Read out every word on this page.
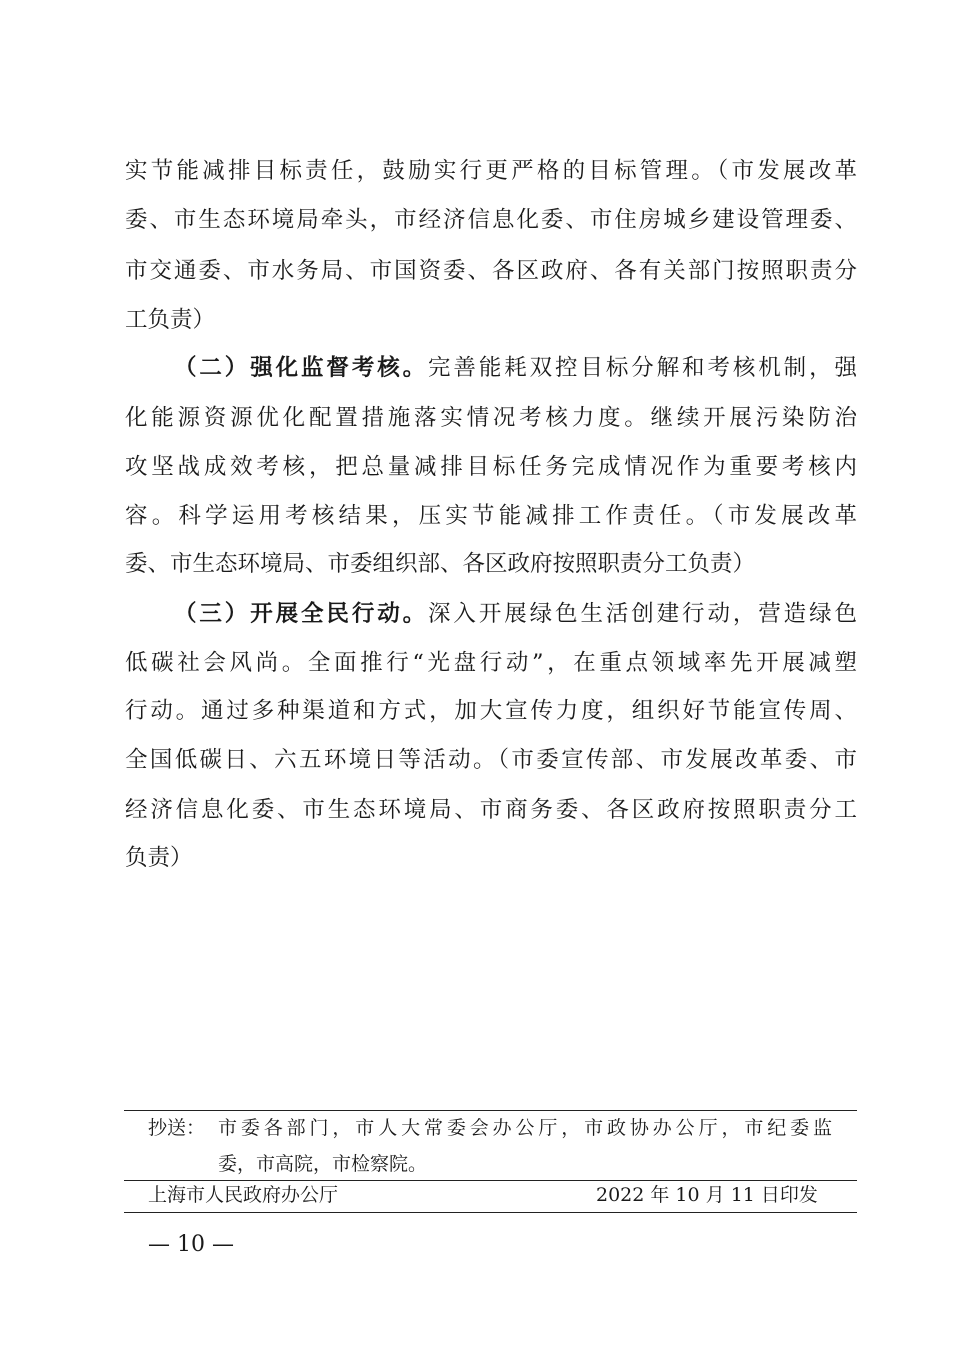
实节能减排目标责任，鼓励实行更严格的目标管理。（市发展改革
委、市生态环境局牵头，市经济信息化委、市住房城乡建设管理委、
市交通委、市水务局、市国资委、各区政府、各有关部门按照职责分
工负责）
（二）强化监督考核。完善能耗双控目标分解和考核机制，强
化能源资源优化配置措施落实情况考核力度。继续开展污染防治
攻坚战成效考核，把总量减排目标任务完成情况作为重要考核内
容。科学运用考核结果，压实节能减排工作责任。（市发展改革
委、市生态环境局、市委组织部、各区政府按照职责分工负责）
（三）开展全民行动。深入开展绿色生活创建行动，营造绿色
低碳社会风尚。全面推行“光盘行动”，在重点领域率先开展减塑
行动。通过多种渠道和方式，加大宣传力度，组织好节能宣传周、
全国低碳日、六五环境日等活动。（市委宣传部、市发展改革委、市
经济信息化委、市生态环境局、市商务委、各区政府按照职责分工
负责）
抄送： 市委各部门，市人大常委会办公厅，市政协办公厅，市纪委监
委，市高院，市检察院。
上海市人民政府办公厅	2022 年 10 月 11 日印发
— 10 —
